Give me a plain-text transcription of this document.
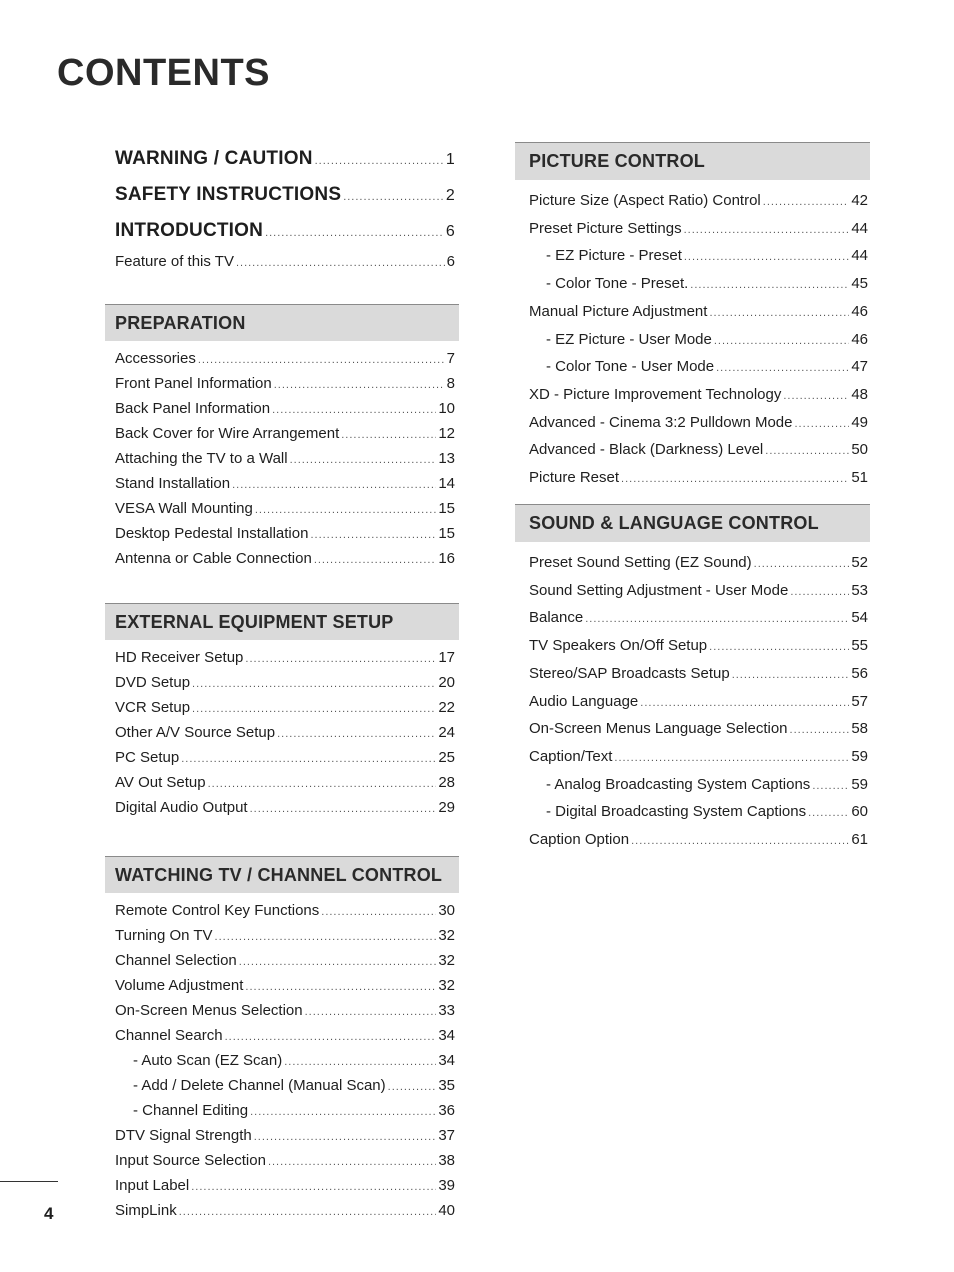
CONTENTS
WARNING / CAUTION .....	1
SAFETY INSTRUCTIONS .....	2
INTRODUCTION .....	6
Feature of this TV .....	6
PREPARATION
Accessories .....	7
Front Panel Information .....	8
Back Panel Information .....	10
Back Cover for Wire Arrangement .....	12
Attaching the TV to a Wall .....	13
Stand Installation .....	14
VESA Wall Mounting .....	15
Desktop Pedestal Installation .....	15
Antenna or Cable Connection .....	16
EXTERNAL EQUIPMENT SETUP
HD Receiver Setup .....	17
DVD Setup .....	20
VCR Setup .....	22
Other A/V Source Setup .....	24
PC Setup .....	25
AV Out Setup .....	28
Digital Audio Output .....	29
WATCHING TV / CHANNEL CONTROL
Remote Control Key Functions .....	30
Turning On TV .....	32
Channel Selection .....	32
Volume Adjustment .....	32
On-Screen Menus Selection .....	33
Channel Search .....	34
- Auto Scan (EZ Scan) .....	34
- Add / Delete Channel (Manual Scan) .....	35
- Channel Editing .....	36
DTV Signal Strength .....	37
Input Source Selection .....	38
Input Label .....	39
SimpLink .....	40
PICTURE CONTROL
Picture Size (Aspect Ratio) Control .....	42
Preset Picture Settings .....	44
- EZ Picture - Preset .....	44
- Color Tone - Preset. .....	45
Manual Picture Adjustment .....	46
- EZ Picture - User Mode .....	46
- Color Tone - User Mode .....	47
XD - Picture Improvement Technology .....	48
Advanced - Cinema 3:2 Pulldown Mode .....	49
Advanced - Black (Darkness) Level .....	50
Picture Reset .....	51
SOUND & LANGUAGE CONTROL
Preset Sound Setting (EZ Sound) .....	52
Sound Setting Adjustment - User Mode .....	53
Balance .....	54
TV Speakers On/Off Setup .....	55
Stereo/SAP Broadcasts Setup .....	56
Audio Language .....	57
On-Screen Menus Language Selection .....	58
Caption/Text .....	59
- Analog Broadcasting System Captions .....	59
- Digital Broadcasting System Captions .....	60
Caption Option .....	61
4
